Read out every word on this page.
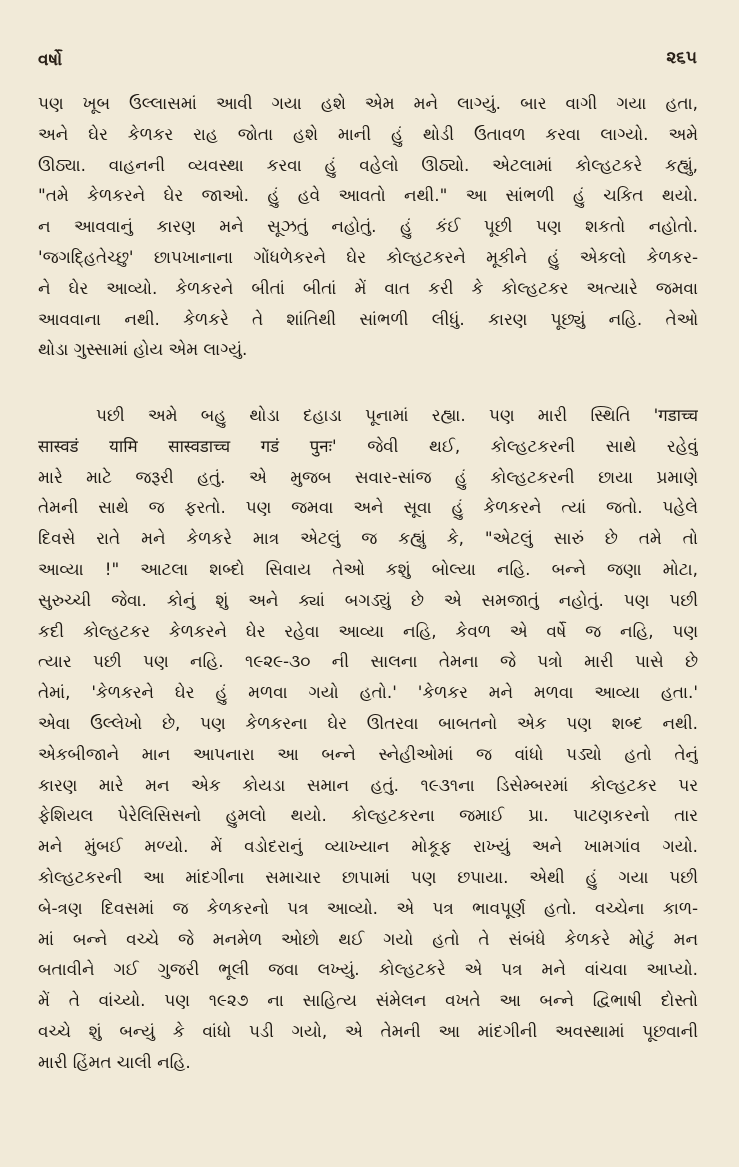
વર્ષો	૨૬૫
પણ ખૂબ ઉલ્લાસમાં આવી ગયા હશે એમ મને લાગ્યું. બાર વાગી ગયા હતા,
અને ઘેર કેળકર રાહ જોતા હશે માની હું થોડી ઉતાવળ કરવા લાગ્યો. અમે
ઊઠ્યા. વાહનની વ્યવસ્થા કરવા હું વહેલો ઊઠ્યો. એટલામાં કોલ્હટકરે કહ્યું,
"તમે કેળકરને ઘેર જાઓ. હું હવે આવતો નથી." આ સાંભળી હું ચકિત થયો.
ન આવવાનું કારણ મને સૂઝતું નહોતું. હું કંઈ પૂછી પણ શકતો નહોતો.
'જગદ્હિતેચ્છુ' છાપખાનાના ગોંધળેકરને ઘેર કોલ્હટકરને મૂકીને હું એકલો કેળકર-
ને ઘેર આવ્યો. કેળકરને બીતાં બીતાં મેં વાત કરી કે કોલ્હટકર અત્યારે જમવા
આવવાના નથી. કેળકરે તે શાંતિથી સાંભળી લીધું. કારણ પૂછ્યું નહિ. તેઓ
થોડા ગુસ્સામાં હોય એમ લાગ્યું.
પછી અમે બહુ થોડા દહાડા પૂનામાં રહ્યા. પણ મારી સ્થિતિ 'गडाच्च
सास्वडं यामि सास्वडाच्च गडं पुनः' જેવી થઈ, કોલ્હટકરની સાથે રહેવું
મારે માટે જરૂરી હતું. એ મુજબ સવાર-સાંજ હું કોલ્હટકરની છાયા પ્રમાણે
તેમની સાથે જ ફરતો. પણ જમવા અને સૂવા હું કેળકરને ત્યાં જતો. પહેલે
દિવસે રાતે મને કેળકરે માત્ર એટલું જ કહ્યું કે, "એટલું સારું છે તમે તો
આવ્યા !" આટલા શબ્દો સિવાય તેઓ કશું બોલ્યા નહિ. બન્ને જણા મોટા,
સુરુચ્ચી જેવા. કોનું શું અને ક્યાં બગડ્યું છે એ સમજાતું નહોતું. પણ પછી
કદી કોલ્હટકર કેળકરને ઘેર રહેવા આવ્યા નહિ, કેવળ એ વર્ષે જ નહિ, પણ
ત્યાર પછી પણ નહિ. ૧૯૨૯-૩૦ ની સાલના તેમના જે પત્રો મારી પાસે છે
તેમાં, 'કેળકરને ઘેર હું મળવા ગયો હતો.' 'કેળકર મને મળવા આવ્યા હતા.'
એવા ઉલ્લેખો છે, પણ કેળકરના ઘેર ઊતરવા બાબતનો એક પણ શબ્દ નથી.
એકબીજાને માન આપનારા આ બન્ને સ્નેહીઓમાં જ વાંધો પડ્યો હતો તેનું
કારણ મારે મન એક કોયડા સમાન હતું. ૧૯૩૧ના ડિસેમ્બરમાં કોલ્હટકર પર
ફેશિયલ પેરેલિસિસનો હુમલો થયો. કોલ્હટકરના જમાઈ પ્રા. પાટણકરનો તાર
મને મુંબઈ મળ્યો. મેં વડોદરાનું વ્યાખ્યાન મોકૂફ રાખ્યું અને ખામગાંવ ગયો.
કોલ્હટકરની આ માંદગીના સમાચાર છાપામાં પણ છપાયા. એથી હું ગયા પછી
બે-ત્રણ દિવસમાં જ કેળકરનો પત્ર આવ્યો. એ પત્ર ભાવપૂર્ણ હતો. વચ્ચેના કાળ-
માં બન્ને વચ્ચે જે મનમેળ ઓછો થઈ ગયો હતો તે સંબંધે કેળકરે મોટું મન
બતાવીને ગઈ ગુજરી ભૂલી જવા લખ્યું. કોલ્હટકરે એ પત્ર મને વાંચવા આપ્યો.
મેં તે વાંચ્યો. પણ ૧૯૨૭ ના સાહિત્ય સંમેલન વખતે આ બન્ને દ્વિભાષી દોસ્તો
વચ્ચે શું બન્યું કે વાંધો પડી ગયો, એ તેમની આ માંદગીની અવસ્થામાં પૂછવાની
મારી હિંમત ચાલી નહિ.
